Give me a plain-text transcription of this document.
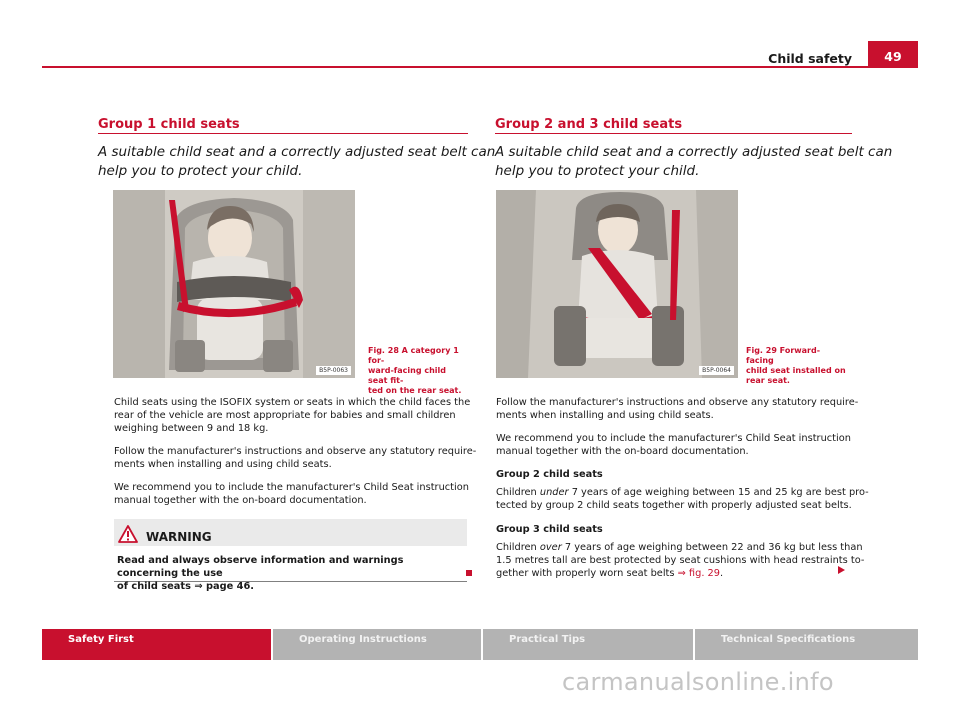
Child safety	49
Group 1 child seats
A suitable child seat and a correctly adjusted seat belt can
help you to protect your child.
B5P-0063
Fig. 28 A category 1 for-
ward-facing child seat fit-
ted on the rear seat.
Child seats using the ISOFIX system or seats in which the child faces the
rear of the vehicle are most appropriate for babies and small children
weighing between 9 and 18 kg.
Follow the manufacturer's instructions and observe any statutory require-
ments when installing and using child seats.
We recommend you to include the manufacturer's Child Seat instruction
manual together with the on-board documentation.
WARNING
Read and always observe information and warnings concerning the use
of child seats ⇒ page 46.
Group 2 and 3 child seats
A suitable child seat and a correctly adjusted seat belt can
help you to protect your child.
B5P-0064
Fig. 29 Forward-facing
child seat installed on
rear seat.
Follow the manufacturer's instructions and observe any statutory require-
ments when installing and using child seats.
We recommend you to include the manufacturer's Child Seat instruction
manual together with the on-board documentation.
Group 2 child seats
Children under 7 years of age weighing between 15 and 25 kg are best pro-
tected by group 2 child seats together with properly adjusted seat belts.
Group 3 child seats
Children over 7 years of age weighing between 22 and 36 kg but less than
1.5 metres tall are best protected by seat cushions with head restraints to-
gether with properly worn seat belts ⇒ fig. 29.
Safety First	Operating Instructions	Practical Tips	Technical Specifications
carmanualsonline.info
